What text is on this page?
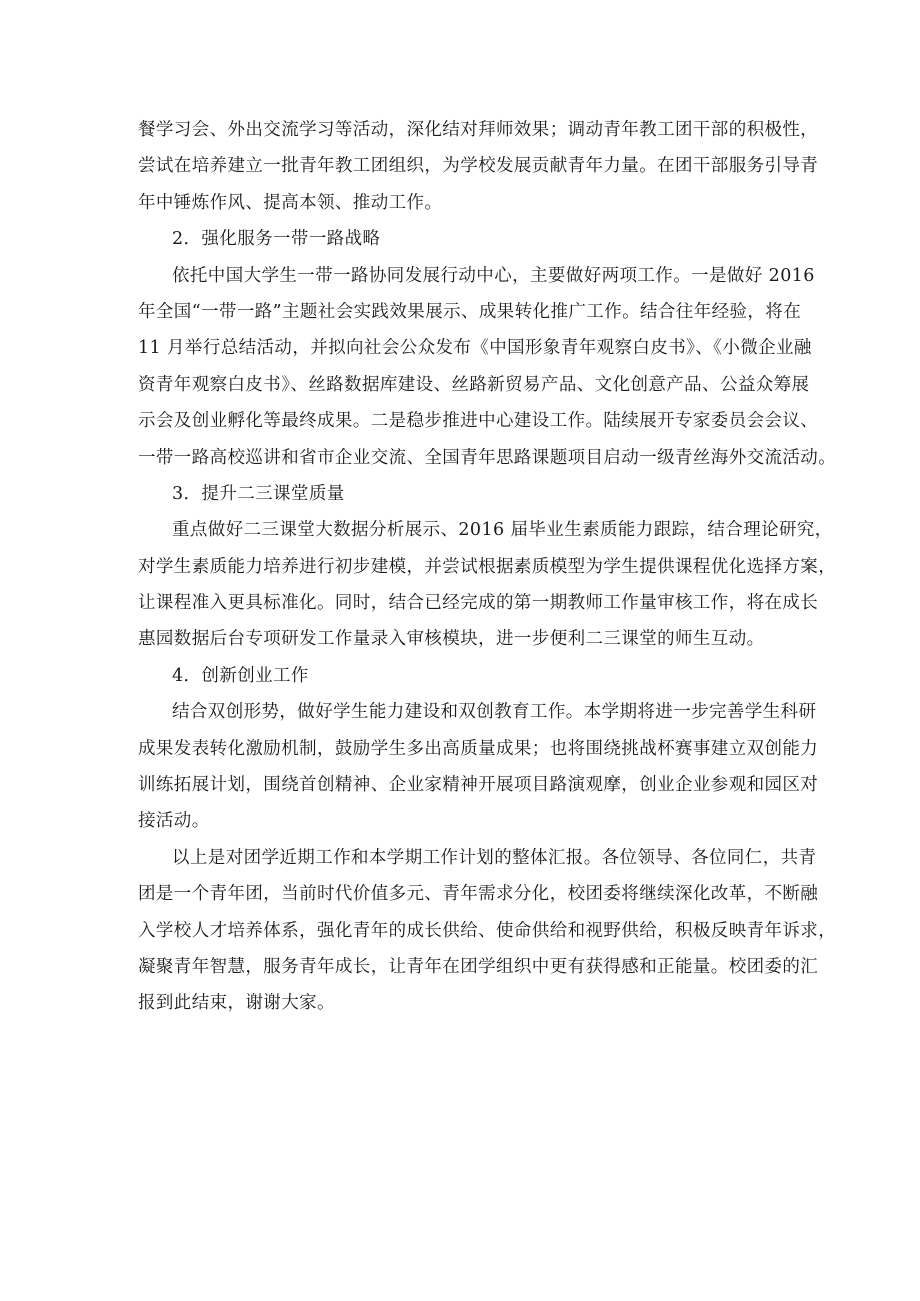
餐学习会、外出交流学习等活动，深化结对拜师效果；调动青年教工团干部的积极性，
尝试在培养建立一批青年教工团组织，为学校发展贡献青年力量。在团干部服务引导青
年中锤炼作风、提高本领、推动工作。
2．强化服务一带一路战略
依托中国大学生一带一路协同发展行动中心，主要做好两项工作。一是做好 2016
年全国“一带一路”主题社会实践效果展示、成果转化推广工作。结合往年经验，将在
11 月举行总结活动，并拟向社会公众发布《中国形象青年观察白皮书》、《小微企业融
资青年观察白皮书》、丝路数据库建设、丝路新贸易产品、文化创意产品、公益众筹展
示会及创业孵化等最终成果。二是稳步推进中心建设工作。陆续展开专家委员会会议、
一带一路高校巡讲和省市企业交流、全国青年思路课题项目启动一级青丝海外交流活动。
3．提升二三课堂质量
重点做好二三课堂大数据分析展示、2016 届毕业生素质能力跟踪，结合理论研究，
对学生素质能力培养进行初步建模，并尝试根据素质模型为学生提供课程优化选择方案，
让课程准入更具标准化。同时，结合已经完成的第一期教师工作量审核工作，将在成长
惠园数据后台专项研发工作量录入审核模块，进一步便利二三课堂的师生互动。
4．创新创业工作
结合双创形势，做好学生能力建设和双创教育工作。本学期将进一步完善学生科研
成果发表转化激励机制，鼓励学生多出高质量成果；也将围绕挑战杯赛事建立双创能力
训练拓展计划，围绕首创精神、企业家精神开展项目路演观摩，创业企业参观和园区对
接活动。
以上是对团学近期工作和本学期工作计划的整体汇报。各位领导、各位同仁，共青
团是一个青年团，当前时代价值多元、青年需求分化，校团委将继续深化改革，不断融
入学校人才培养体系，强化青年的成长供给、使命供给和视野供给，积极反映青年诉求，
凝聚青年智慧，服务青年成长，让青年在团学组织中更有获得感和正能量。校团委的汇
报到此结束，谢谢大家。
